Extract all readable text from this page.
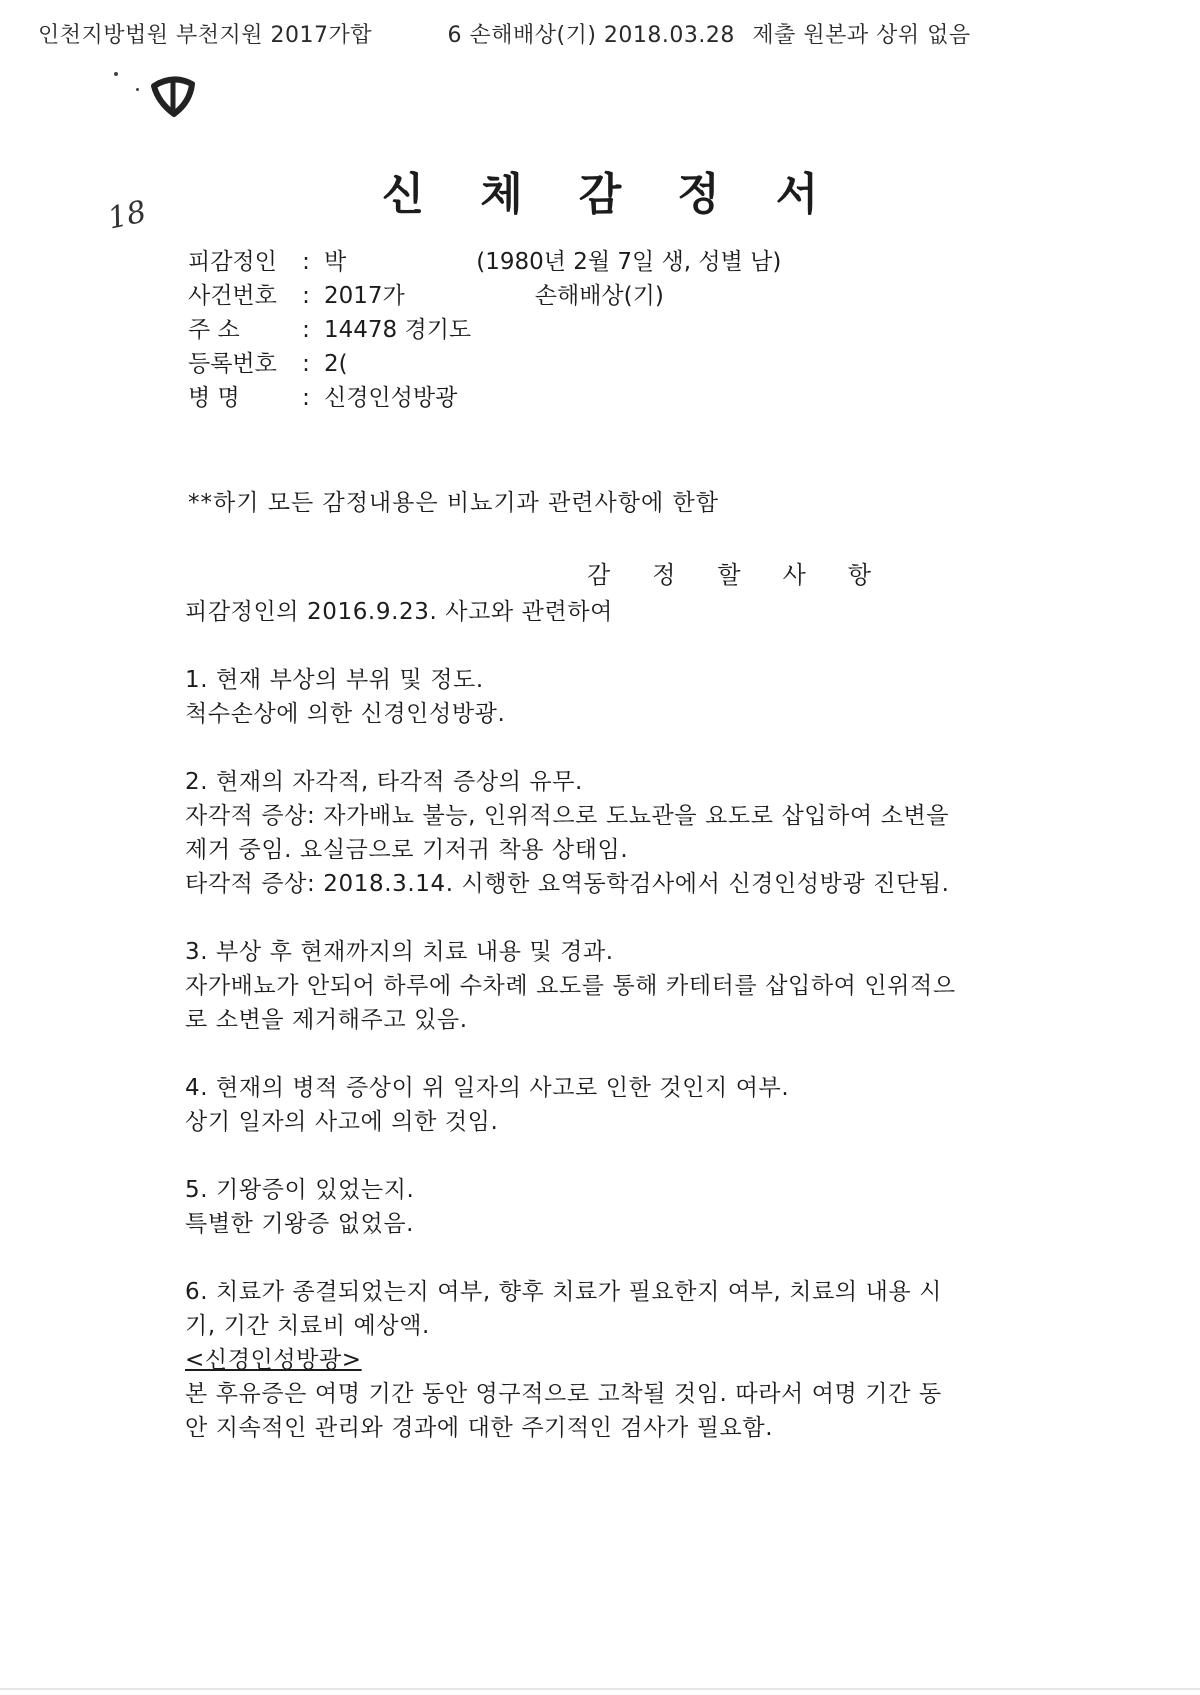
인천지방법원 부천지원 2017가합	6 손해배상(기) 2018.03.28 제출 원본과 상위 없음
18	신체감정서
피감정인	: 박	(1980년 2월 7일 생, 성별 남)
사건번호	: 2017가	손해배상(기)
주 소	: 14478 경기도
등록번호	: 2(
병 명	: 신경인성방광
**하기 모든 감정내용은 비뇨기과 관련사항에 한함
감정할사항

피감정인의 2016.9.23. 사고와 관련하여

1. 현재 부상의 부위 및 정도.

척수손상에 의한 신경인성방광.

2. 현재의 자각적, 타각적 증상의 유무.

자각적 증상: 자가배뇨 불능, 인위적으로 도뇨관을 요도로 삽입하여 소변을

제거 중임. 요실금으로 기저귀 착용 상태임.

타각적 증상: 2018.3.14. 시행한 요역동학검사에서 신경인성방광 진단됨.

3. 부상 후 현재까지의 치료 내용 및 경과.

자가배뇨가 안되어 하루에 수차례 요도를 통해 카테터를 삽입하여 인위적으

로 소변을 제거해주고 있음.

4. 현재의 병적 증상이 위 일자의 사고로 인한 것인지 여부.

상기 일자의 사고에 의한 것임.

5. 기왕증이 있었는지.

특별한 기왕증 없었음.

6. 치료가 종결되었는지 여부, 향후 치료가 필요한지 여부, 치료의 내용 시

기, 기간 치료비 예상액.

<신경인성방광>

본 후유증은 여명 기간 동안 영구적으로 고착될 것임. 따라서 여명 기간 동

안 지속적인 관리와 경과에 대한 주기적인 검사가 필요함.
